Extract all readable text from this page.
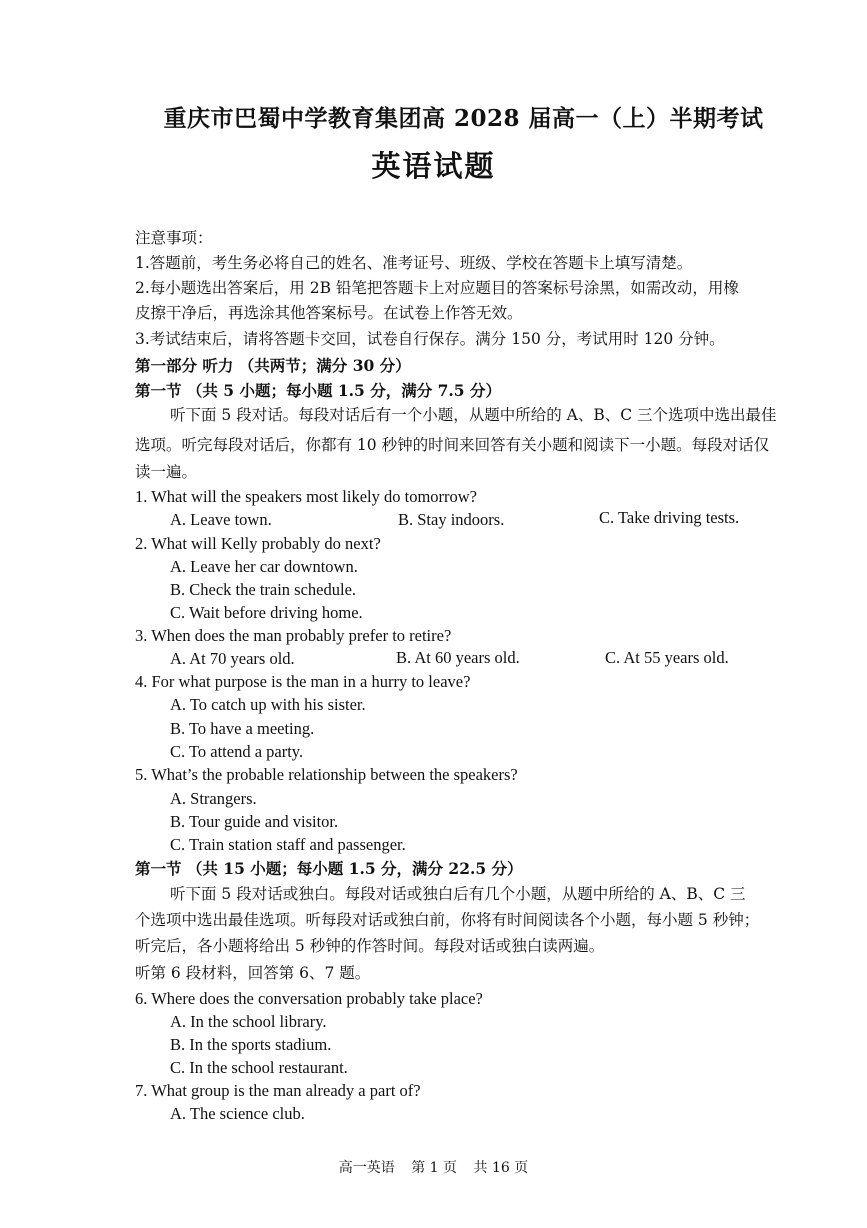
重庆市巴蜀中学教育集团高 2028 届高一（上）半期考试
英语试题
注意事项：
1.答题前，考生务必将自己的姓名、准考证号、班级、学校在答题卡上填写清楚。
2.每小题选出答案后，用 2B 铅笔把答题卡上对应题目的答案标号涂黑，如需改动，用橡
皮擦干净后，再选涂其他答案标号。在试卷上作答无效。
3.考试结束后，请将答题卡交回，试卷自行保存。满分 150 分，考试用时 120 分钟。
第一部分 听力 （共两节；满分 30 分）
第一节 （共 5 小题；每小题 1.5 分，满分 7.5 分）
听下面 5 段对话。每段对话后有一个小题，从题中所给的 A、B、C 三个选项中选出最佳
选项。听完每段对话后，你都有 10 秒钟的时间来回答有关小题和阅读下一小题。每段对话仅
读一遍。
1. What will the speakers most likely do tomorrow?
A. Leave town.	B. Stay indoors.	C. Take driving tests.
2. What will Kelly probably do next?
A. Leave her car downtown.
B. Check the train schedule.
C. Wait before driving home.
3. When does the man probably prefer to retire?
A. At 70 years old.	B. At 60 years old.	C. At 55 years old.
4. For what purpose is the man in a hurry to leave?
A. To catch up with his sister.
B. To have a meeting.
C. To attend a party.
5. What’s the probable relationship between the speakers?
A. Strangers.
B. Tour guide and visitor.
C. Train station staff and passenger.
第一节 （共 15 小题；每小题 1.5 分，满分 22.5 分）
听下面 5 段对话或独白。每段对话或独白后有几个小题，从题中所给的 A、B、C 三
个选项中选出最佳选项。听每段对话或独白前，你将有时间阅读各个小题，每小题 5 秒钟；
听完后，各小题将给出 5 秒钟的作答时间。每段对话或独白读两遍。
听第 6 段材料，回答第 6、7 题。
6. Where does the conversation probably take place?
A. In the school library.
B. In the sports stadium.
C. In the school restaurant.
7. What group is the man already a part of?
A. The science club.
高一英语 第 1 页 共 16 页
